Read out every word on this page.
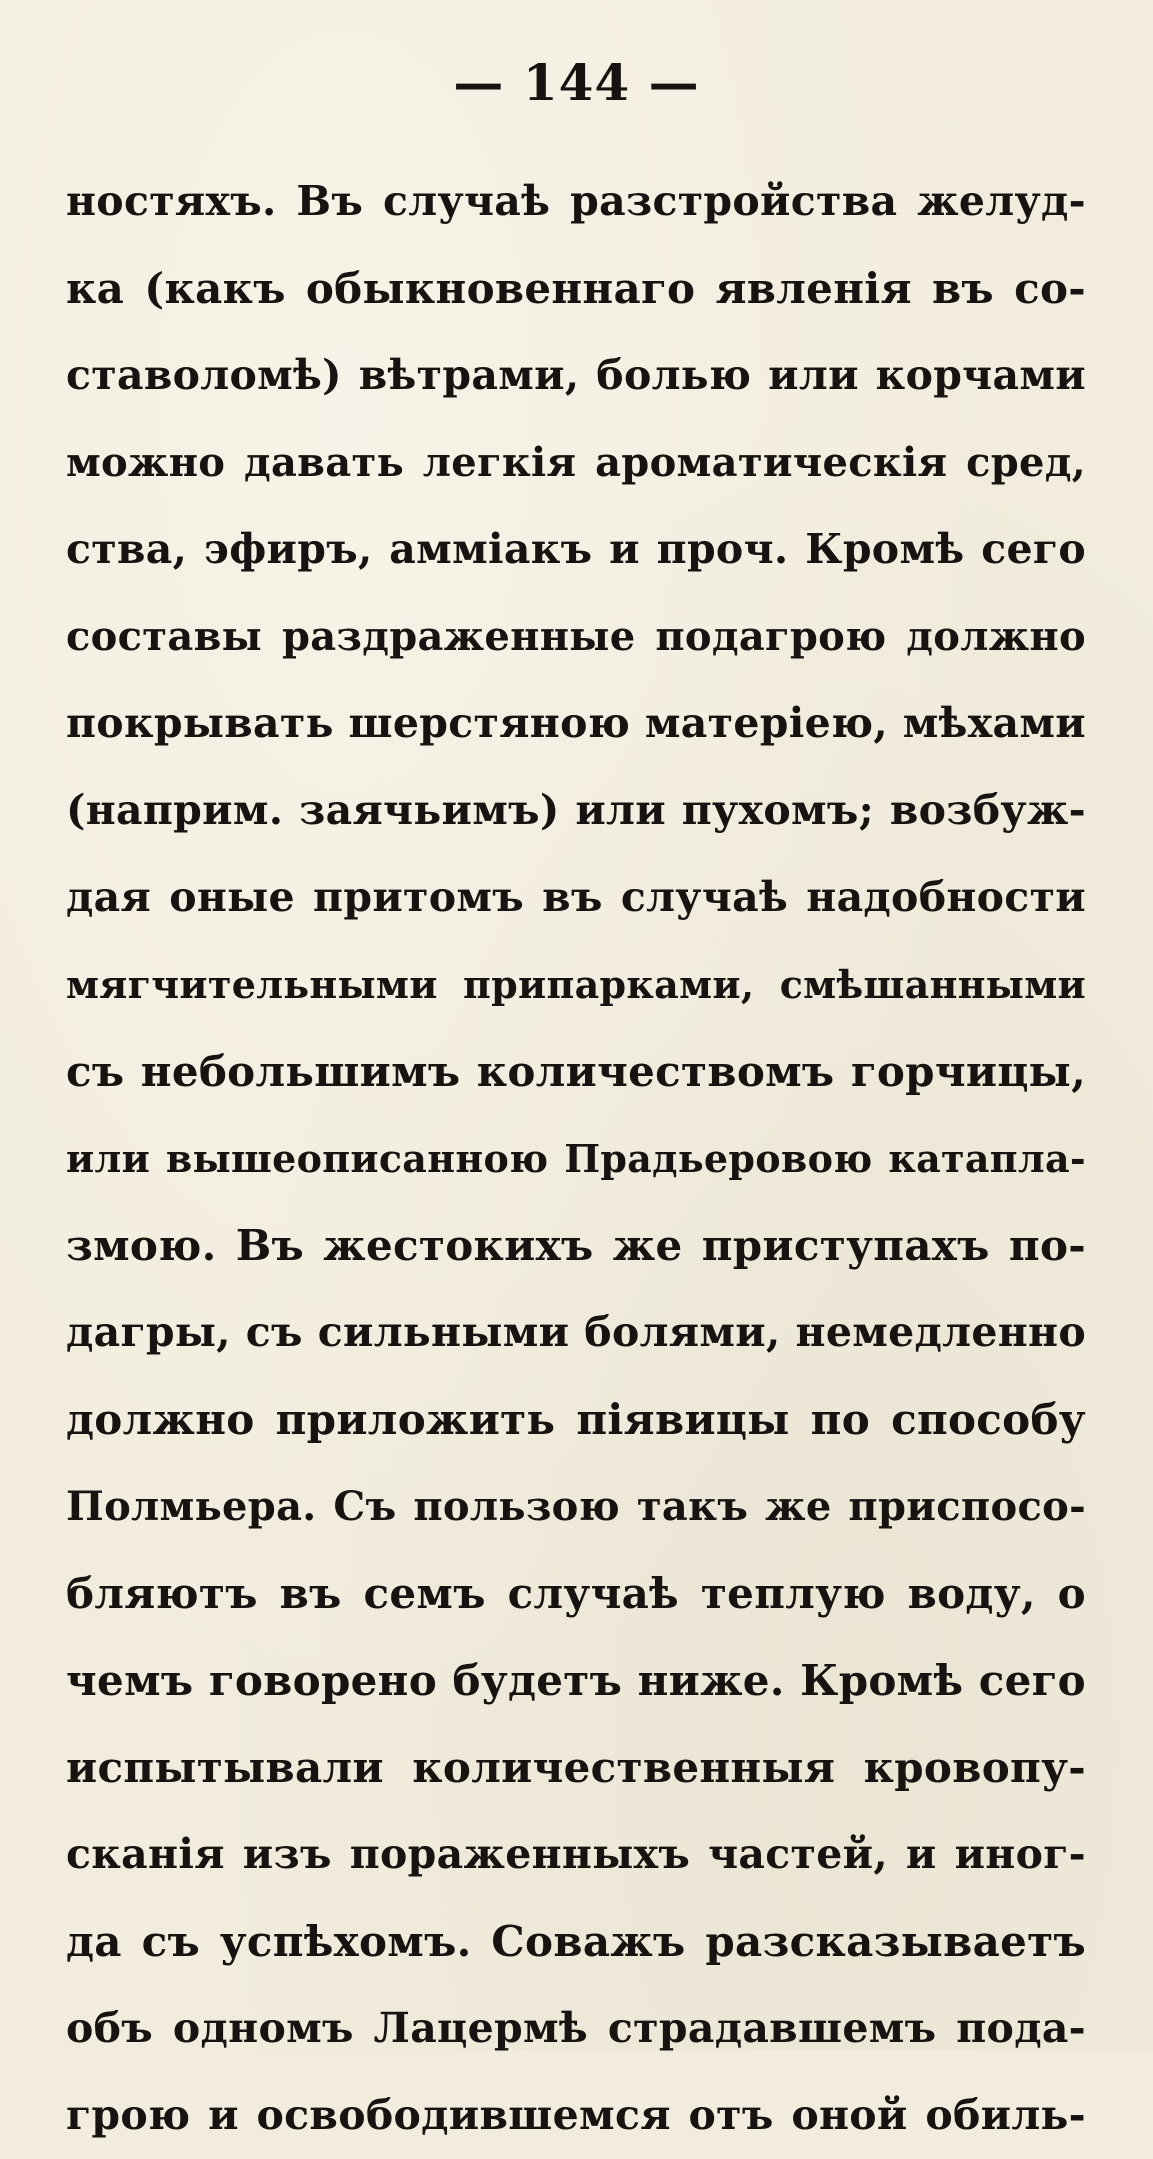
— 144 —
ностяхъ. Въ случаѣ разстройства желуд-
ка (какъ обыкновеннаго явленія въ со-
ставоломѣ) вѣтрами, болью или корчами
можно давать легкія ароматическія сред,
ства, эфиръ, амміакъ и проч. Кромѣ сего
составы раздраженные подагрою должно
покрывать шерстяною матеріею, мѣхами
(наприм. заячьимъ) или пухомъ; возбуж-
дая оные притомъ въ случаѣ надобности
мягчительными припарками, смѣшанными
съ небольшимъ количествомъ горчицы,
или вышеописанною Прадьеровою катапла-
змою. Въ жестокихъ же приступахъ по-
дагры, съ сильными болями, немедленно
должно приложить піявицы по способу
Полмьера. Съ пользою такъ же приспосо-
бляютъ въ семъ случаѣ теплую воду, о
чемъ говорено будетъ ниже. Кромѣ сего
испытывали количественныя кровопу-
сканія изъ пораженныхъ частей, и иног-
да съ успѣхомъ. Соважъ разсказываетъ
объ одномъ Лацермѣ страдавшемъ пода-
грою и освободившемся отъ оной обиль-
